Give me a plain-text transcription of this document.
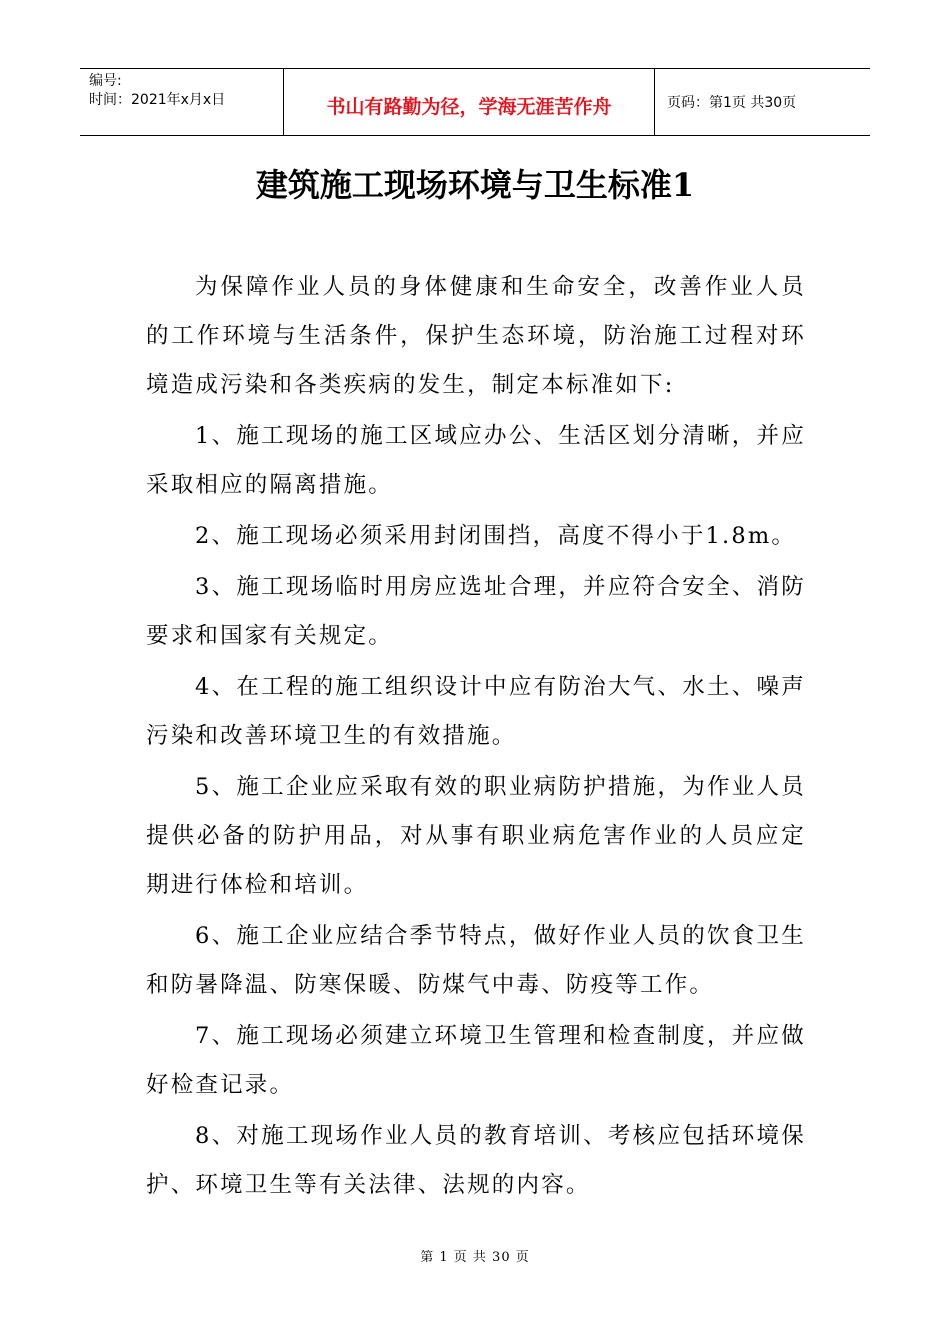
编号:
时间：2021年x月x日	书山有路勤为径，学海无涯苦作舟	页码：第1页 共30页
建筑施工现场环境与卫生标准1

为保障作业人员的身体健康和生命安全，改善作业人员的工作环境与生活条件，保护生态环境，防治施工过程对环境造成污染和各类疾病的发生，制定本标准如下:

1、施工现场的施工区域应办公、生活区划分清晰，并应采取相应的隔离措施。

2、施工现场必须采用封闭围挡，高度不得小于1.8m。

3、施工现场临时用房应选址合理，并应符合安全、消防要求和国家有关规定。

4、在工程的施工组织设计中应有防治大气、水土、噪声污染和改善环境卫生的有效措施。

5、施工企业应采取有效的职业病防护措施，为作业人员提供必备的防护用品，对从事有职业病危害作业的人员应定期进行体检和培训。

6、施工企业应结合季节特点，做好作业人员的饮食卫生和防暑降温、防寒保暖、防煤气中毒、防疫等工作。

7、施工现场必须建立环境卫生管理和检查制度，并应做好检查记录。

8、对施工现场作业人员的教育培训、考核应包括环境保护、环境卫生等有关法律、法规的内容。

第 1 页 共 30 页
